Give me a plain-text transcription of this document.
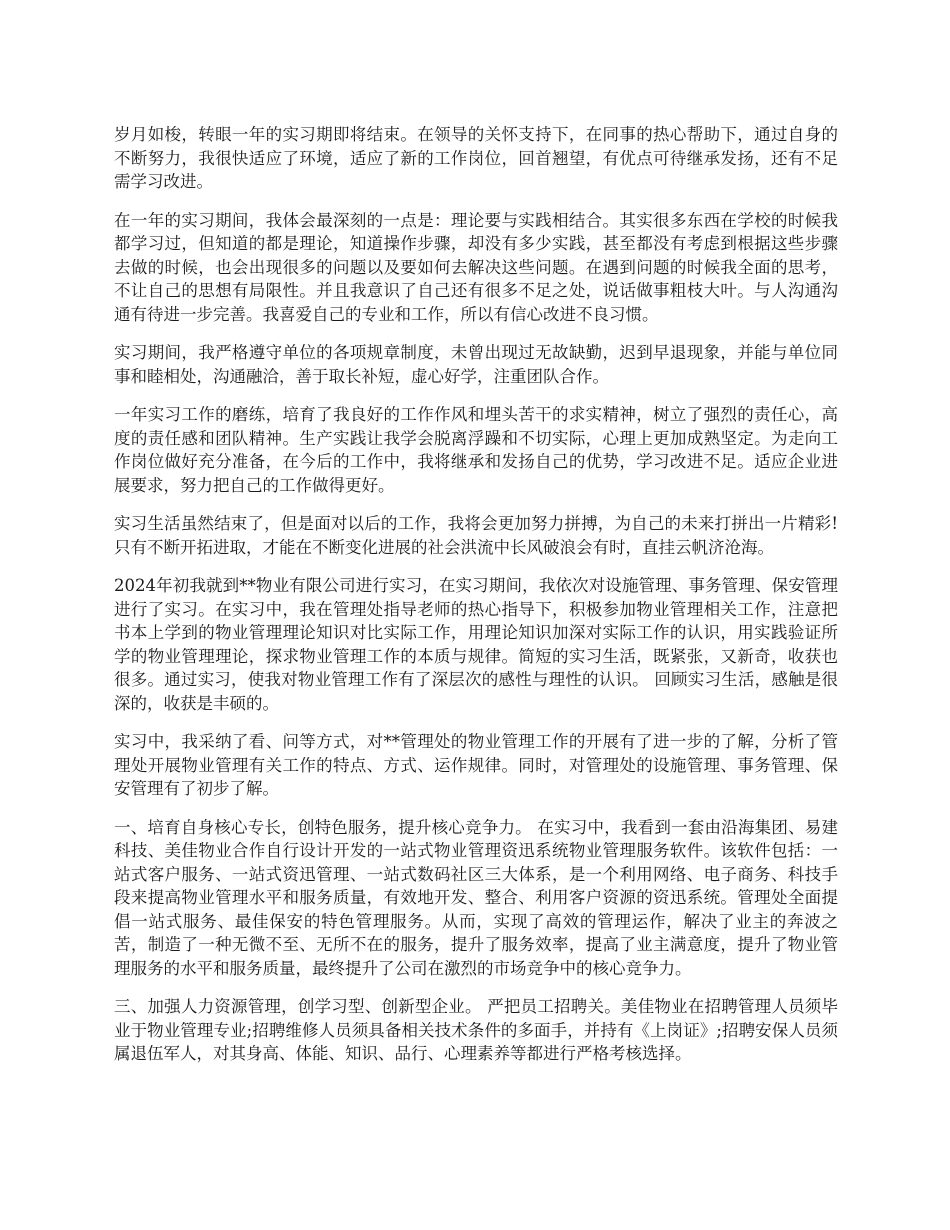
岁月如梭，转眼一年的实习期即将结束。在领导的关怀支持下，在同事的热心帮助下，通过自身的不断努力，我很快适应了环境，适应了新的工作岗位，回首翘望，有优点可待继承发扬，还有不足需学习改进。

在一年的实习期间，我体会最深刻的一点是：理论要与实践相结合。其实很多东西在学校的时候我都学习过，但知道的都是理论，知道操作步骤，却没有多少实践，甚至都没有考虑到根据这些步骤去做的时候，也会出现很多的问题以及要如何去解决这些问题。在遇到问题的时候我全面的思考，不让自己的思想有局限性。并且我意识了自己还有很多不足之处，说话做事粗枝大叶。与人沟通沟通有待进一步完善。我喜爱自己的专业和工作，所以有信心改进不良习惯。

实习期间，我严格遵守单位的各项规章制度，未曾出现过无故缺勤，迟到早退现象，并能与单位同事和睦相处，沟通融洽，善于取长补短，虚心好学，注重团队合作。

一年实习工作的磨练，培育了我良好的工作作风和埋头苦干的求实精神，树立了强烈的责任心，高度的责任感和团队精神。生产实践让我学会脱离浮躁和不切实际，心理上更加成熟坚定。为走向工作岗位做好充分准备，在今后的工作中，我将继承和发扬自己的优势，学习改进不足。适应企业进展要求，努力把自己的工作做得更好。

实习生活虽然结束了，但是面对以后的工作，我将会更加努力拼搏，为自己的未来打拼出一片精彩!只有不断开拓进取，才能在不断变化进展的社会洪流中长风破浪会有时，直挂云帆济沧海。

2024年初我就到**物业有限公司进行实习，在实习期间，我依次对设施管理、事务管理、保安管理进行了实习。在实习中，我在管理处指导老师的热心指导下，积极参加物业管理相关工作，注意把书本上学到的物业管理理论知识对比实际工作，用理论知识加深对实际工作的认识，用实践验证所学的物业管理理论，探求物业管理工作的本质与规律。简短的实习生活，既紧张，又新奇，收获也很多。通过实习，使我对物业管理工作有了深层次的感性与理性的认识。 回顾实习生活，感触是很深的，收获是丰硕的。

实习中，我采纳了看、问等方式，对**管理处的物业管理工作的开展有了进一步的了解，分析了管理处开展物业管理有关工作的特点、方式、运作规律。同时，对管理处的设施管理、事务管理、保安管理有了初步了解。

一、培育自身核心专长，创特色服务，提升核心竞争力。 在实习中，我看到一套由沿海集团、易建科技、美佳物业合作自行设计开发的一站式物业管理资迅系统物业管理服务软件。该软件包括：一站式客户服务、一站式资迅管理、一站式数码社区三大体系，是一个利用网络、电子商务、科技手段来提高物业管理水平和服务质量，有效地开发、整合、利用客户资源的资迅系统。管理处全面提倡一站式服务、最佳保安的特色管理服务。从而，实现了高效的管理运作，解决了业主的奔波之苦，制造了一种无微不至、无所不在的服务，提升了服务效率，提高了业主满意度，提升了物业管理服务的水平和服务质量，最终提升了公司在激烈的市场竞争中的核心竞争力。

三、加强人力资源管理，创学习型、创新型企业。 严把员工招聘关。美佳物业在招聘管理人员须毕业于物业管理专业;招聘维修人员须具备相关技术条件的多面手，并持有《上岗证》;招聘安保人员须属退伍军人，对其身高、体能、知识、品行、心理素养等都进行严格考核选择。
